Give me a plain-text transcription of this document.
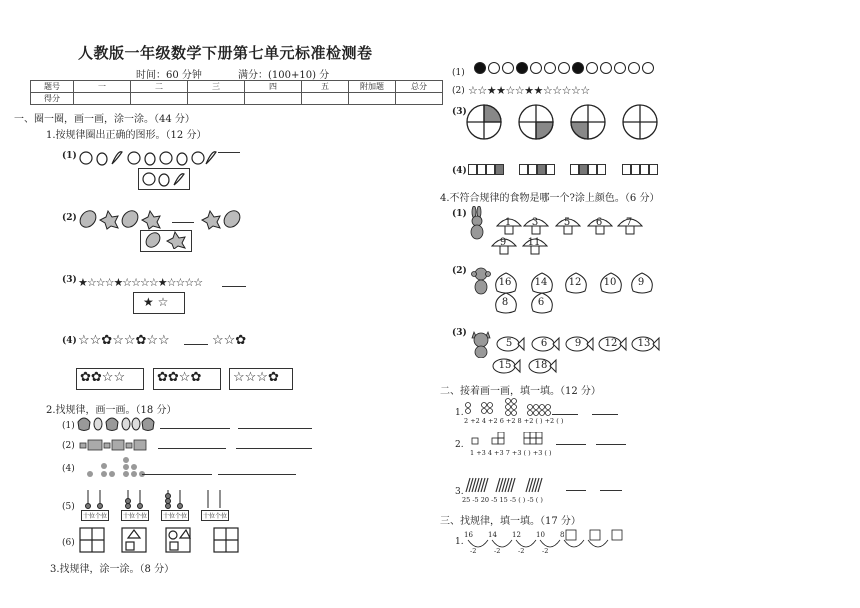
人教版一年级数学下册第七单元标准检测卷
时间：60 分钟	满分：(100+10) 分
题号	一	二	三	四	五	附加题	总分
得分							
一、圈一圈，画一画，涂一涂。（44 分）
1.按规律圈出正确的图形。（12 分）
(1)
(2)
(3) ★☆☆☆★☆☆☆☆★☆☆☆☆
★ ☆
(4) ☆☆✿☆☆✿☆☆	☆☆✿
✿✿☆☆ ✿✿☆✿ ☆☆☆✿
2.找规律，画一画。（18 分）
(1)
(2)
(4)
(5)
十位个位	十位个位	十位个位	十位个位
(6)
3.找规律，涂一涂。（8 分）
(1)
(2) ☆☆★★☆☆★★☆☆☆☆☆
(3)
(4)
4.不符合规律的食物是哪一个?涂上颜色。（6 分）
(1)
1	3	5	6	7
9	11
(2)
16	14	12	10	9
8	6
(3)
5	6	9	12	13
15	18
二、接着画一画，填一填。（12 分）
1.
2 +2 4 +2 6 +2 8 +2 ( ) +2 ( )
2.
1 +3 4 +3 7 +3 ( ) +3 ( )
3.
25 -5 20 -5 15 -5 ( ) -5 ( )
三、找规律，填一填。（17 分）
1.
16 14 12 10 8
-2	-2	-2	-2
